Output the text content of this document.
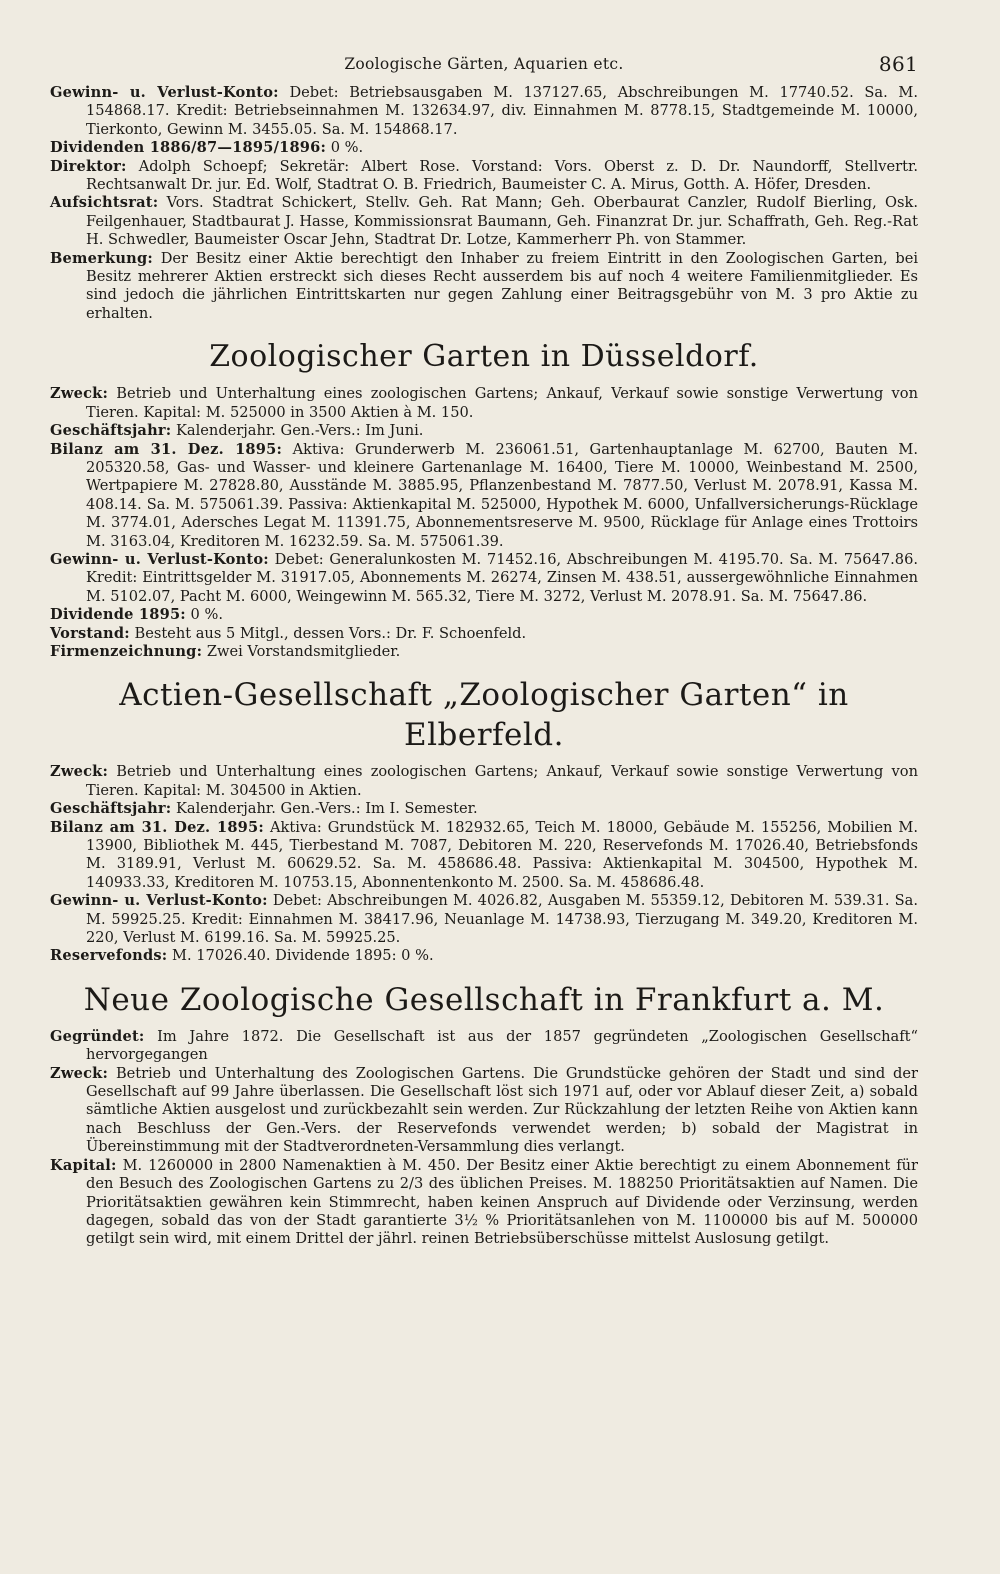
Zoologische Gärten, Aquarien etc.	861

Gewinn- u. Verlust-Konto: Debet: Betriebsausgaben M. 137127.65, Abschreibungen M. 17740.52. Sa. M. 154868.17. Kredit: Betriebseinnahmen M. 132634.97, div. Einnahmen M. 8778.15, Stadtgemeinde M. 10000, Tierkonto, Gewinn M. 3455.05. Sa. M. 154868.17.

Dividenden 1886/87—1895/1896: 0 %.

Direktor: Adolph Schoepf; Sekretär: Albert Rose. Vorstand: Vors. Oberst z. D. Dr. Naundorff, Stellvertr. Rechtsanwalt Dr. jur. Ed. Wolf, Stadtrat O. B. Friedrich, Baumeister C. A. Mirus, Gotth. A. Höfer, Dresden.

Aufsichtsrat: Vors. Stadtrat Schickert, Stellv. Geh. Rat Mann; Geh. Oberbaurat Canzler, Rudolf Bierling, Osk. Feilgenhauer, Stadtbaurat J. Hasse, Kommissionsrat Baumann, Geh. Finanzrat Dr. jur. Schaffrath, Geh. Reg.-Rat H. Schwedler, Baumeister Oscar Jehn, Stadtrat Dr. Lotze, Kammerherr Ph. von Stammer.

Bemerkung: Der Besitz einer Aktie berechtigt den Inhaber zu freiem Eintritt in den Zoologischen Garten, bei Besitz mehrerer Aktien erstreckt sich dieses Recht ausserdem bis auf noch 4 weitere Familienmitglieder. Es sind jedoch die jährlichen Eintrittskarten nur gegen Zahlung einer Beitragsgebühr von M. 3 pro Aktie zu erhalten.

Zoologischer Garten in Düsseldorf.

Zweck: Betrieb und Unterhaltung eines zoologischen Gartens; Ankauf, Verkauf sowie sonstige Verwertung von Tieren. Kapital: M. 525000 in 3500 Aktien à M. 150.

Geschäftsjahr: Kalenderjahr. Gen.-Vers.: Im Juni.

Bilanz am 31. Dez. 1895: Aktiva: Grunderwerb M. 236061.51, Gartenhauptanlage M. 62700, Bauten M. 205320.58, Gas- und Wasser- und kleinere Gartenanlage M. 16400, Tiere M. 10000, Weinbestand M. 2500, Wertpapiere M. 27828.80, Ausstände M. 3885.95, Pflanzenbestand M. 7877.50, Verlust M. 2078.91, Kassa M. 408.14. Sa. M. 575061.39. Passiva: Aktienkapital M. 525000, Hypothek M. 6000, Unfallversicherungs-Rücklage M. 3774.01, Adersches Legat M. 11391.75, Abonnementsreserve M. 9500, Rücklage für Anlage eines Trottoirs M. 3163.04, Kreditoren M. 16232.59. Sa. M. 575061.39.

Gewinn- u. Verlust-Konto: Debet: Generalunkosten M. 71452.16, Abschreibungen M. 4195.70. Sa. M. 75647.86. Kredit: Eintrittsgelder M. 31917.05, Abonnements M. 26274, Zinsen M. 438.51, aussergewöhnliche Einnahmen M. 5102.07, Pacht M. 6000, Weingewinn M. 565.32, Tiere M. 3272, Verlust M. 2078.91. Sa. M. 75647.86.

Dividende 1895: 0 %.

Vorstand: Besteht aus 5 Mitgl., dessen Vors.: Dr. F. Schoenfeld.

Firmenzeichnung: Zwei Vorstandsmitglieder.

Actien-Gesellschaft „Zoologischer Garten“ in Elberfeld.

Zweck: Betrieb und Unterhaltung eines zoologischen Gartens; Ankauf, Verkauf sowie sonstige Verwertung von Tieren. Kapital: M. 304500 in Aktien.

Geschäftsjahr: Kalenderjahr. Gen.-Vers.: Im I. Semester.

Bilanz am 31. Dez. 1895: Aktiva: Grundstück M. 182932.65, Teich M. 18000, Gebäude M. 155256, Mobilien M. 13900, Bibliothek M. 445, Tierbestand M. 7087, Debitoren M. 220, Reservefonds M. 17026.40, Betriebsfonds M. 3189.91, Verlust M. 60629.52. Sa. M. 458686.48. Passiva: Aktienkapital M. 304500, Hypothek M. 140933.33, Kreditoren M. 10753.15, Abonnentenkonto M. 2500. Sa. M. 458686.48.

Gewinn- u. Verlust-Konto: Debet: Abschreibungen M. 4026.82, Ausgaben M. 55359.12, Debitoren M. 539.31. Sa. M. 59925.25. Kredit: Einnahmen M. 38417.96, Neuanlage M. 14738.93, Tierzugang M. 349.20, Kreditoren M. 220, Verlust M. 6199.16. Sa. M. 59925.25.

Reservefonds: M. 17026.40. Dividende 1895: 0 %.

Neue Zoologische Gesellschaft in Frankfurt a. M.

Gegründet: Im Jahre 1872. Die Gesellschaft ist aus der 1857 gegründeten „Zoologischen Gesellschaft“ hervorgegangen

Zweck: Betrieb und Unterhaltung des Zoologischen Gartens. Die Grundstücke gehören der Stadt und sind der Gesellschaft auf 99 Jahre überlassen. Die Gesellschaft löst sich 1971 auf, oder vor Ablauf dieser Zeit, a) sobald sämtliche Aktien ausgelost und zurückbezahlt sein werden. Zur Rückzahlung der letzten Reihe von Aktien kann nach Beschluss der Gen.-Vers. der Reservefonds verwendet werden; b) sobald der Magistrat in Übereinstimmung mit der Stadtverordneten-Versammlung dies verlangt.

Kapital: M. 1260000 in 2800 Namenaktien à M. 450. Der Besitz einer Aktie berechtigt zu einem Abonnement für den Besuch des Zoologischen Gartens zu 2/3 des üblichen Preises. M. 188250 Prioritätsaktien auf Namen. Die Prioritätsaktien gewähren kein Stimmrecht, haben keinen Anspruch auf Dividende oder Verzinsung, werden dagegen, sobald das von der Stadt garantierte 3½ % Prioritätsanlehen von M. 1100000 bis auf M. 500000 getilgt sein wird, mit einem Drittel der jährl. reinen Betriebsüberschüsse mittelst Auslosung getilgt.
